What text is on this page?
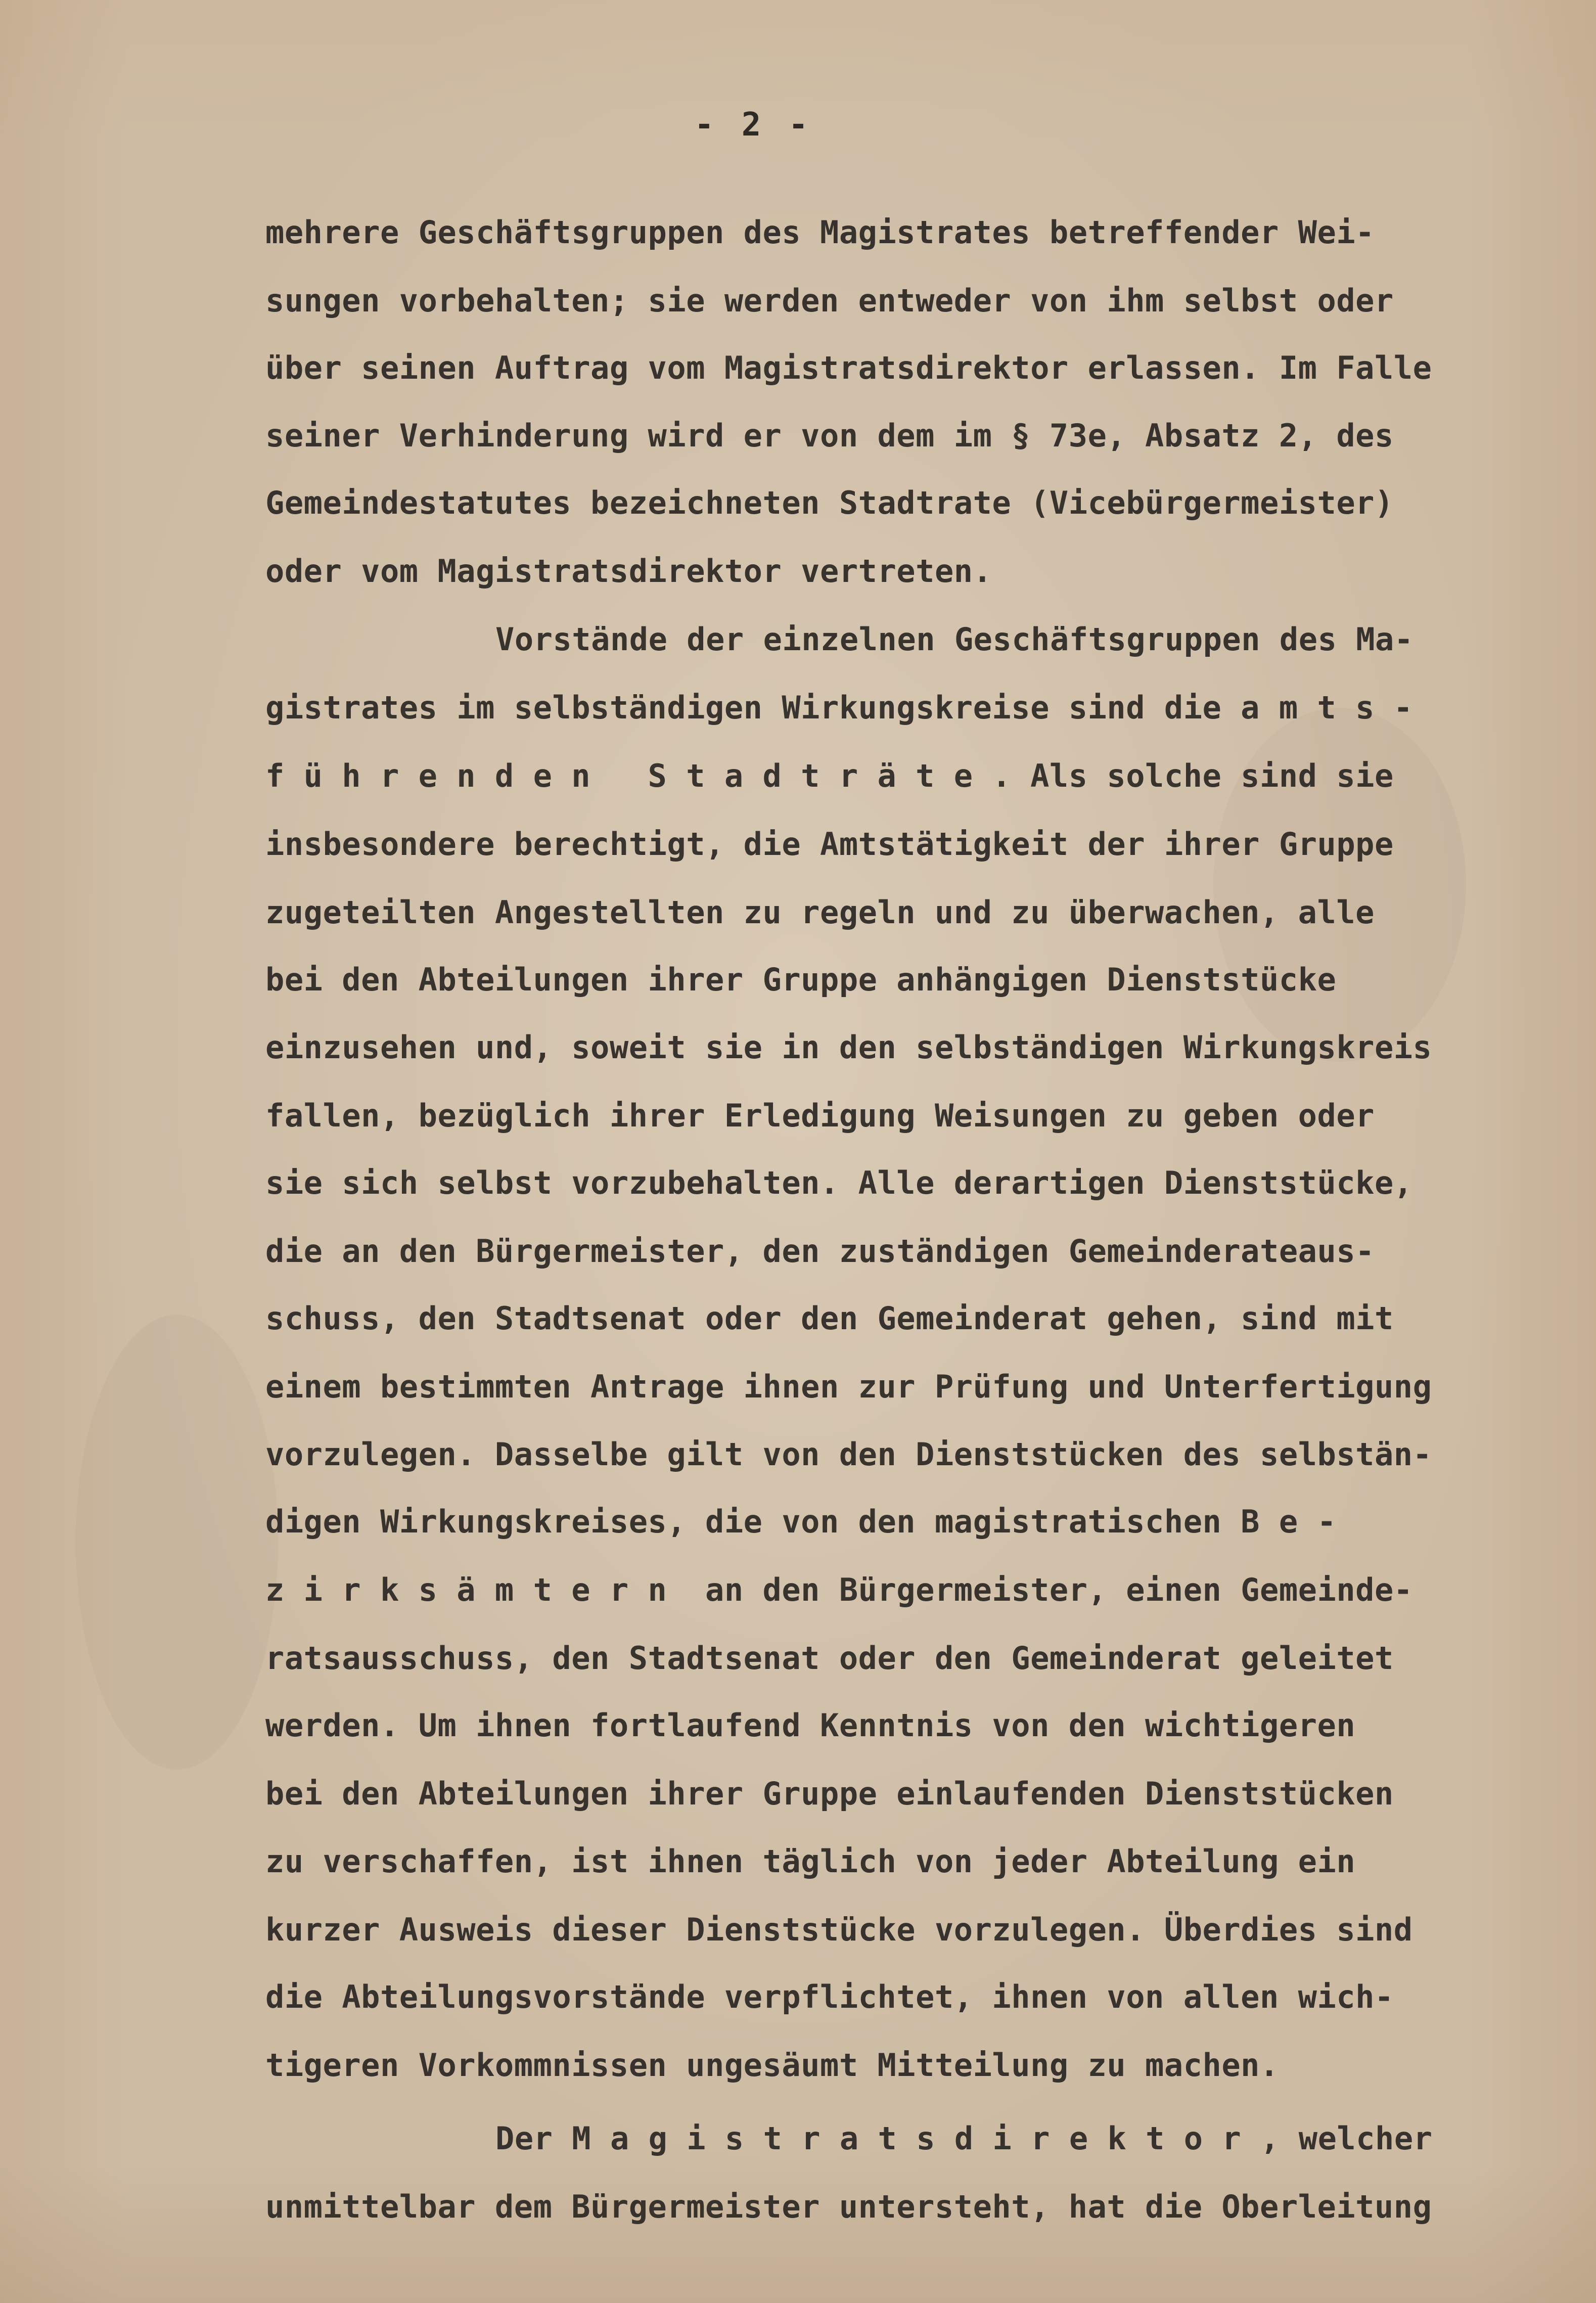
- 2 -
mehrere Geschäftsgruppen des Magistrates betreffender Wei-
sungen vorbehalten; sie werden entweder von ihm selbst oder
über seinen Auftrag vom Magistratsdirektor erlassen. Im Falle
seiner Verhinderung wird er von dem im § 73e, Absatz 2, des
Gemeindestatutes bezeichneten Stadtrate (Vicebürgermeister)
oder vom Magistratsdirektor vertreten.
Vorstände der einzelnen Geschäftsgruppen des Ma-
gistrates im selbständigen Wirkungskreise sind die a m t s -
f ü h r e n d e n   S t a d t r ä t e . Als solche sind sie
insbesondere berechtigt, die Amtstätigkeit der ihrer Gruppe
zugeteilten Angestellten zu regeln und zu überwachen, alle
bei den Abteilungen ihrer Gruppe anhängigen Dienststücke
einzusehen und, soweit sie in den selbständigen Wirkungskreis
fallen, bezüglich ihrer Erledigung Weisungen zu geben oder
sie sich selbst vorzubehalten. Alle derartigen Dienststücke,
die an den Bürgermeister, den zuständigen Gemeinderateaus-
schuss, den Stadtsenat oder den Gemeinderat gehen, sind mit
einem bestimmten Antrage ihnen zur Prüfung und Unterfertigung
vorzulegen. Dasselbe gilt von den Dienststücken des selbstän-
digen Wirkungskreises, die von den magistratischen B e -
z i r k s ä m t e r n  an den Bürgermeister, einen Gemeinde-
ratsausschuss, den Stadtsenat oder den Gemeinderat geleitet
werden. Um ihnen fortlaufend Kenntnis von den wichtigeren
bei den Abteilungen ihrer Gruppe einlaufenden Dienststücken
zu verschaffen, ist ihnen täglich von jeder Abteilung ein
kurzer Ausweis dieser Dienststücke vorzulegen. Überdies sind
die Abteilungsvorstände verpflichtet, ihnen von allen wich-
tigeren Vorkommnissen ungesäumt Mitteilung zu machen.
Der M a g i s t r a t s d i r e k t o r , welcher
unmittelbar dem Bürgermeister untersteht, hat die Oberleitung
